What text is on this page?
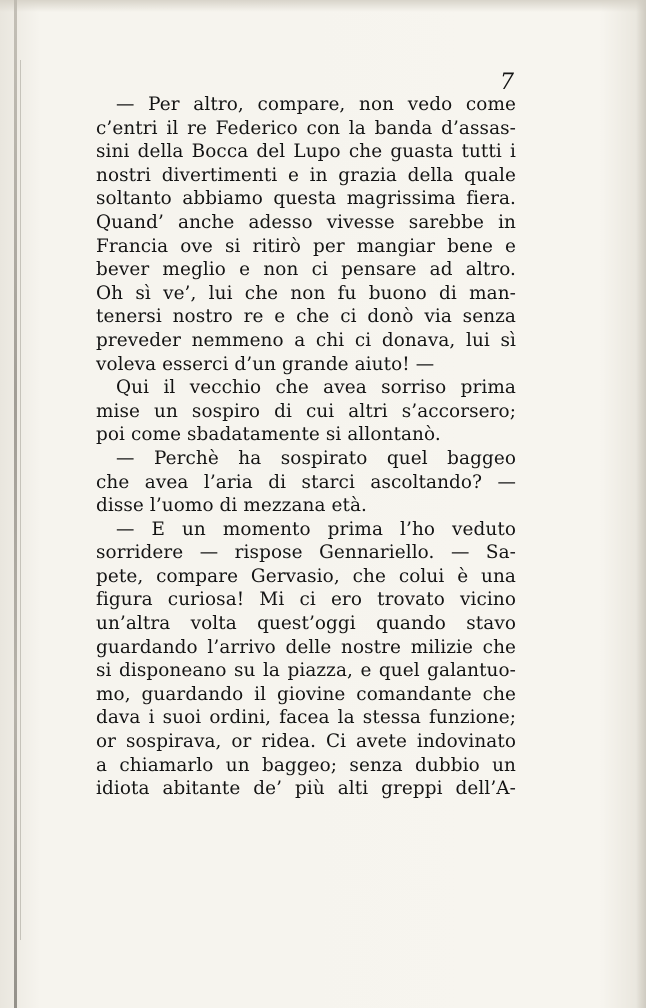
7
— Per altro, compare, non vedo come
c’entri il re Federico con la banda d’assas-
sini della Bocca del Lupo che guasta tutti i
nostri divertimenti e in grazia della quale
soltanto abbiamo questa magrissima fiera.
Quand’ anche adesso vivesse sarebbe in
Francia ove si ritirò per mangiar bene e
bever meglio e non ci pensare ad altro.
Oh sì ve’, lui che non fu buono di man-
tenersi nostro re e che ci donò via senza
preveder nemmeno a chi ci donava, lui sì
voleva esserci d’un grande aiuto! —
Qui il vecchio che avea sorriso prima
mise un sospiro di cui altri s’accorsero;
poi come sbadatamente si allontanò.
— Perchè ha sospirato quel baggeo
che avea l’aria di starci ascoltando? —
disse l’uomo di mezzana età.
— E un momento prima l’ho veduto
sorridere — rispose Gennariello. — Sa-
pete, compare Gervasio, che colui è una
figura curiosa! Mi ci ero trovato vicino
un’altra volta quest’oggi quando stavo
guardando l’arrivo delle nostre milizie che
si disponeano su la piazza, e quel galantuo-
mo, guardando il giovine comandante che
dava i suoi ordini, facea la stessa funzione;
or sospirava, or ridea. Ci avete indovinato
a chiamarlo un baggeo; senza dubbio un
idiota abitante de’ più alti greppi dell’A-
